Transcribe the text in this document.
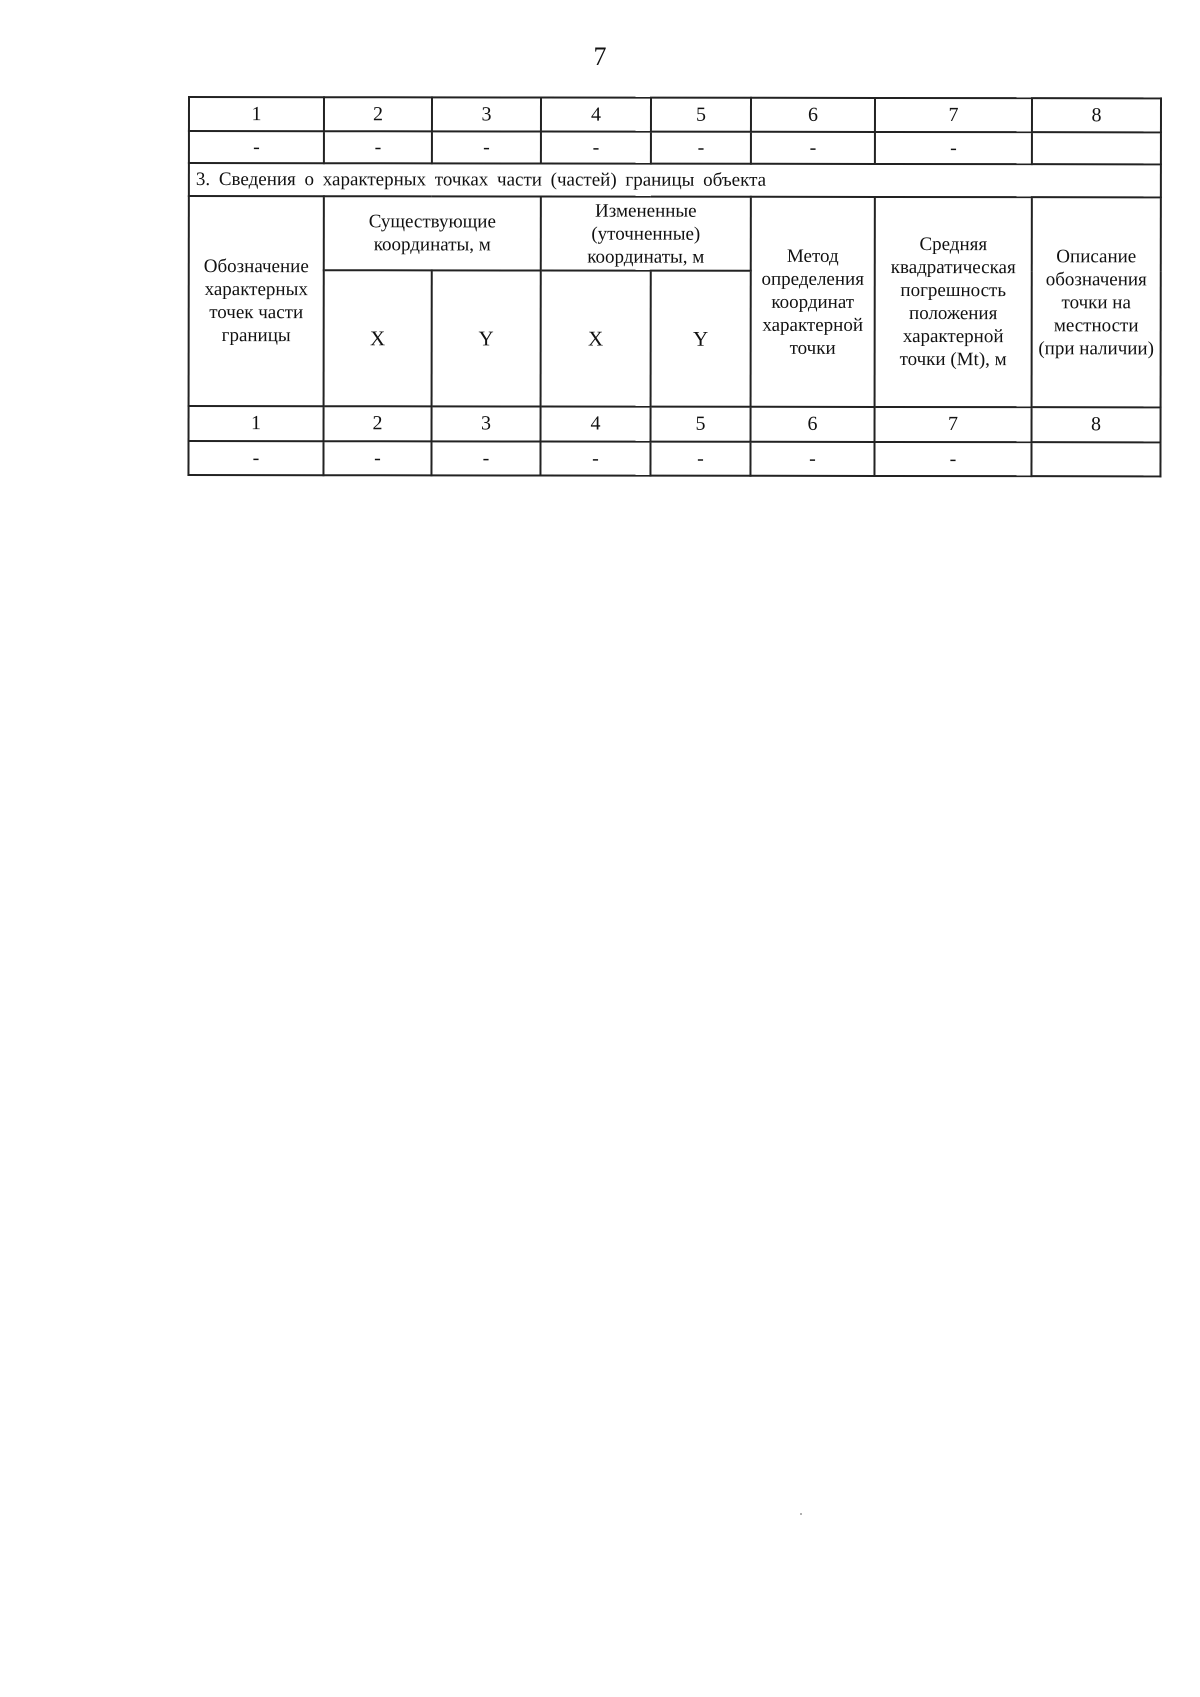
7
1	2	3	4	5	6	7	8
-	-	-	-	-	-	-	
3. Сведения о характерных точках части (частей) границы объекта							
Обозначение характерных точек части границы	Существующие координаты, м		Измененные (уточненные) координаты, м		Метод определения координат характерной точки	Средняя квадратическая погрешность положения характерной точки (Mt), м	Описание обозначения точки на местности (при наличии)
	X	Y	X	Y			
1	2	3	4	5	6	7	8
-	-	-	-	-	-	-	
